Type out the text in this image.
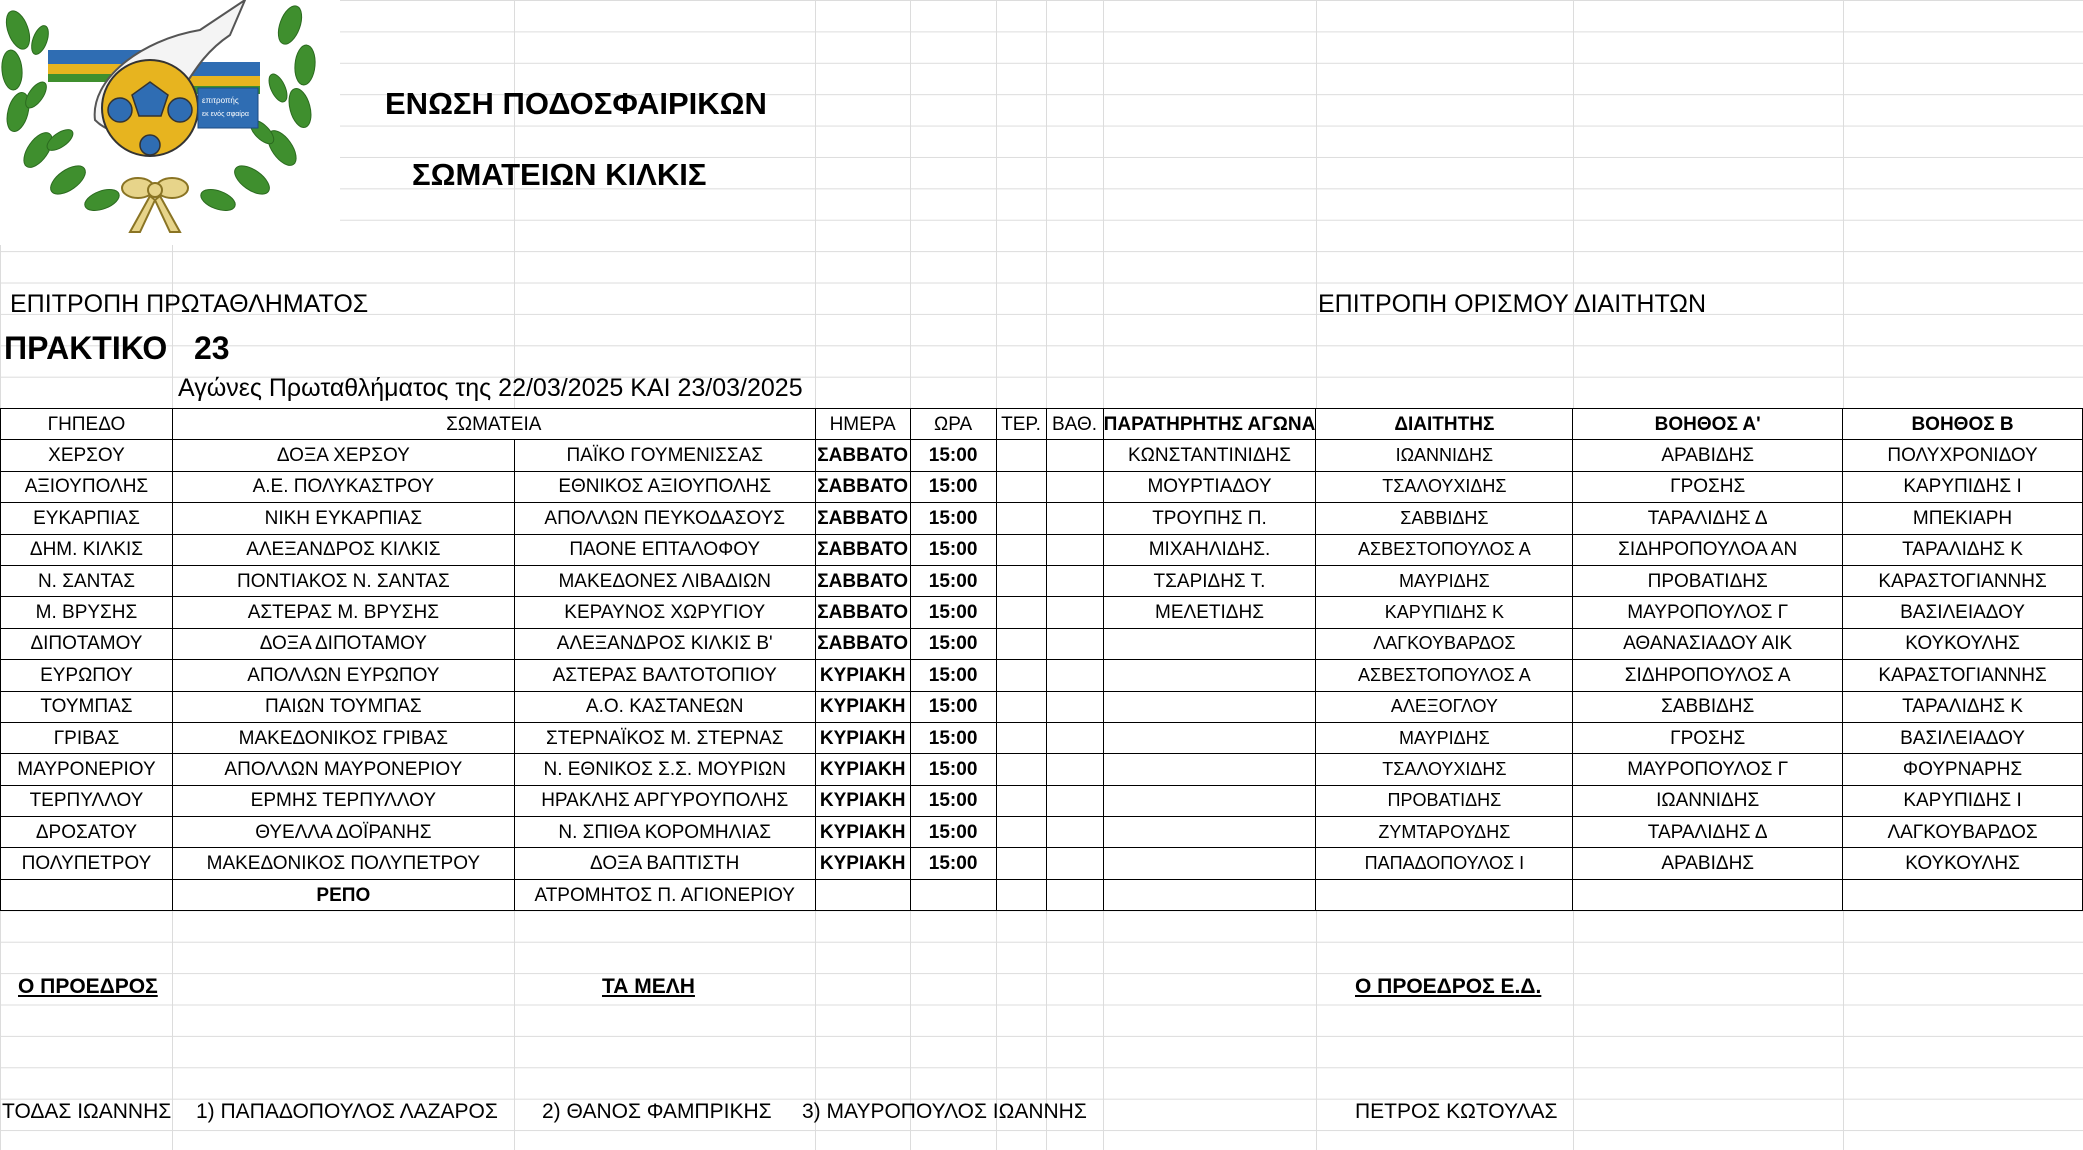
επιτροπής
εκ ενός σφαίρα	ΕΝΩΣΗ ΠΟΔΟΣΦΑΙΡΙΚΩΝ
ΣΩΜΑΤΕΙΩΝ ΚΙΛΚΙΣ
ΕΠΙΤΡΟΠΗ ΠΡΩΤΑΘΛΗΜΑΤΟΣ	ΕΠΙΤΡΟΠΗ ΟΡΙΣΜΟΥ ΔΙΑΙΤΗΤΩΝ
ΠΡΑΚΤΙΚΟ 23
Αγώνες Πρωταθλήματος της 22/03/2025 ΚΑΙ 23/03/2025
ΓΗΠΕΔΟ	ΣΩΜΑΤΕΙΑ		ΗΜΕΡΑ	ΩΡΑ	ΤΕΡ.	ΒΑΘ.	ΠΑΡΑΤΗΡΗΤΗΣ ΑΓΩΝΑ	ΔΙΑΙΤΗΤΗΣ	ΒΟΗΘΟΣ Α'	ΒΟΗΘΟΣ Β
ΧΕΡΣΟΥ	ΔΟΞΑ ΧΕΡΣΟΥ	ΠΑΪΚΟ ΓΟΥΜΕΝΙΣΣΑΣ	ΣΑΒΒΑΤΟ	15:00			ΚΩΝΣΤΑΝΤΙΝΙΔΗΣ	ΙΩΑΝΝΙΔΗΣ	ΑΡΑΒΙΔΗΣ	ΠΟΛΥΧΡΟΝΙΔΟΥ
ΑΞΙΟΥΠΟΛΗΣ	Α.Ε. ΠΟΛΥΚΑΣΤΡΟΥ	ΕΘΝΙΚΟΣ ΑΞΙΟΥΠΟΛΗΣ	ΣΑΒΒΑΤΟ	15:00			ΜΟΥΡΤΙΑΔΟΥ	ΤΣΑΛΟΥΧΙΔΗΣ	ΓΡΟΣΗΣ	ΚΑΡΥΠΙΔΗΣ Ι
ΕΥΚΑΡΠΙΑΣ	ΝΙΚΗ ΕΥΚΑΡΠΙΑΣ	ΑΠΟΛΛΩΝ ΠΕΥΚΟΔΑΣΟΥΣ	ΣΑΒΒΑΤΟ	15:00			ΤΡΟΥΠΗΣ Π.	ΣΑΒΒΙΔΗΣ	ΤΑΡΑΛΙΔΗΣ Δ	ΜΠΕΚΙΑΡΗ
ΔΗΜ. ΚΙΛΚΙΣ	ΑΛΕΞΑΝΔΡΟΣ ΚΙΛΚΙΣ	ΠΑΟΝΕ ΕΠΤΑΛΟΦΟΥ	ΣΑΒΒΑΤΟ	15:00			ΜΙΧΑΗΛΙΔΗΣ.	ΑΣΒΕΣΤΟΠΟΥΛΟΣ Α	ΣΙΔΗΡΟΠΟΥΛΟΑ ΑΝ	ΤΑΡΑΛΙΔΗΣ Κ
Ν. ΣΑΝΤΑΣ	ΠΟΝΤΙΑΚΟΣ Ν. ΣΑΝΤΑΣ	ΜΑΚΕΔΟΝΕΣ ΛΙΒΑΔΙΩΝ	ΣΑΒΒΑΤΟ	15:00			ΤΣΑΡΙΔΗΣ Τ.	ΜΑΥΡΙΔΗΣ	ΠΡΟΒΑΤΙΔΗΣ	ΚΑΡΑΣΤΟΓΙΑΝΝΗΣ
Μ. ΒΡΥΣΗΣ	ΑΣΤΕΡΑΣ Μ. ΒΡΥΣΗΣ	ΚΕΡΑΥΝΟΣ ΧΩΡΥΓΙΟΥ	ΣΑΒΒΑΤΟ	15:00			ΜΕΛΕΤΙΔΗΣ	ΚΑΡΥΠΙΔΗΣ Κ	ΜΑΥΡΟΠΟΥΛΟΣ Γ	ΒΑΣΙΛΕΙΑΔΟΥ
ΔΙΠΟΤΑΜΟΥ	ΔΟΞΑ ΔΙΠΟΤΑΜΟΥ	ΑΛΕΞΑΝΔΡΟΣ ΚΙΛΚΙΣ Β'	ΣΑΒΒΑΤΟ	15:00				ΛΑΓΚΟΥΒΑΡΔΟΣ	ΑΘΑΝΑΣΙΑΔΟΥ ΑΙΚ	ΚΟΥΚΟΥΛΗΣ
ΕΥΡΩΠΟΥ	ΑΠΟΛΛΩΝ ΕΥΡΩΠΟΥ	ΑΣΤΕΡΑΣ ΒΑΛΤΟΤΟΠΙΟΥ	ΚΥΡΙΑΚΗ	15:00				ΑΣΒΕΣΤΟΠΟΥΛΟΣ Α	ΣΙΔΗΡΟΠΟΥΛΟΣ Α	ΚΑΡΑΣΤΟΓΙΑΝΝΗΣ
ΤΟΥΜΠΑΣ	ΠΑΙΩΝ ΤΟΥΜΠΑΣ	Α.Ο. ΚΑΣΤΑΝΕΩΝ	ΚΥΡΙΑΚΗ	15:00				ΑΛΕΞΟΓΛΟΥ	ΣΑΒΒΙΔΗΣ	ΤΑΡΑΛΙΔΗΣ Κ
ΓΡΙΒΑΣ	ΜΑΚΕΔΟΝΙΚΟΣ ΓΡΙΒΑΣ	ΣΤΕΡΝΑΪΚΟΣ Μ. ΣΤΕΡΝΑΣ	ΚΥΡΙΑΚΗ	15:00				ΜΑΥΡΙΔΗΣ	ΓΡΟΣΗΣ	ΒΑΣΙΛΕΙΑΔΟΥ
ΜΑΥΡΟΝΕΡΙΟΥ	ΑΠΟΛΛΩΝ ΜΑΥΡΟΝΕΡΙΟΥ	Ν. ΕΘΝΙΚΟΣ Σ.Σ. ΜΟΥΡΙΩΝ	ΚΥΡΙΑΚΗ	15:00				ΤΣΑΛΟΥΧΙΔΗΣ	ΜΑΥΡΟΠΟΥΛΟΣ Γ	ΦΟΥΡΝΑΡΗΣ
ΤΕΡΠΥΛΛΟΥ	ΕΡΜΗΣ ΤΕΡΠΥΛΛΟΥ	ΗΡΑΚΛΗΣ ΑΡΓΥΡΟΥΠΟΛΗΣ	ΚΥΡΙΑΚΗ	15:00				ΠΡΟΒΑΤΙΔΗΣ	ΙΩΑΝΝΙΔΗΣ	ΚΑΡΥΠΙΔΗΣ Ι
ΔΡΟΣΑΤΟΥ	ΘΥΕΛΛΑ ΔΟΪΡΑΝΗΣ	Ν. ΣΠΙΘΑ ΚΟΡΟΜΗΛΙΑΣ	ΚΥΡΙΑΚΗ	15:00				ΖΥΜΤΑΡΟΥΔΗΣ	ΤΑΡΑΛΙΔΗΣ Δ	ΛΑΓΚΟΥΒΑΡΔΟΣ
ΠΟΛΥΠΕΤΡΟΥ	ΜΑΚΕΔΟΝΙΚΟΣ ΠΟΛΥΠΕΤΡΟΥ	ΔΟΞΑ ΒΑΠΤΙΣΤΗ	ΚΥΡΙΑΚΗ	15:00				ΠΑΠΑΔΟΠΟΥΛΟΣ Ι	ΑΡΑΒΙΔΗΣ	ΚΟΥΚΟΥΛΗΣ
	ΡΕΠΟ	ΑΤΡΟΜΗΤΟΣ Π. ΑΓΙΟΝΕΡΙΟΥ								
Ο ΠΡΟΕΔΡΟΣ	ΤΑ ΜΕΛΗ	Ο ΠΡΟΕΔΡΟΣ Ε.Δ.
ΤΟΔΑΣ ΙΩΑΝΝΗΣ 1) ΠΑΠΑΔΟΠΟΥΛΟΣ ΛΑΖΑΡΟΣ 2) ΘΑΝΟΣ ΦΑΜΠΡΙΚΗΣ 3) ΜΑΥΡΟΠΟΥΛΟΣ ΙΩΑΝΝΗΣ	ΠΕΤΡΟΣ ΚΩΤΟΥΛΑΣ
